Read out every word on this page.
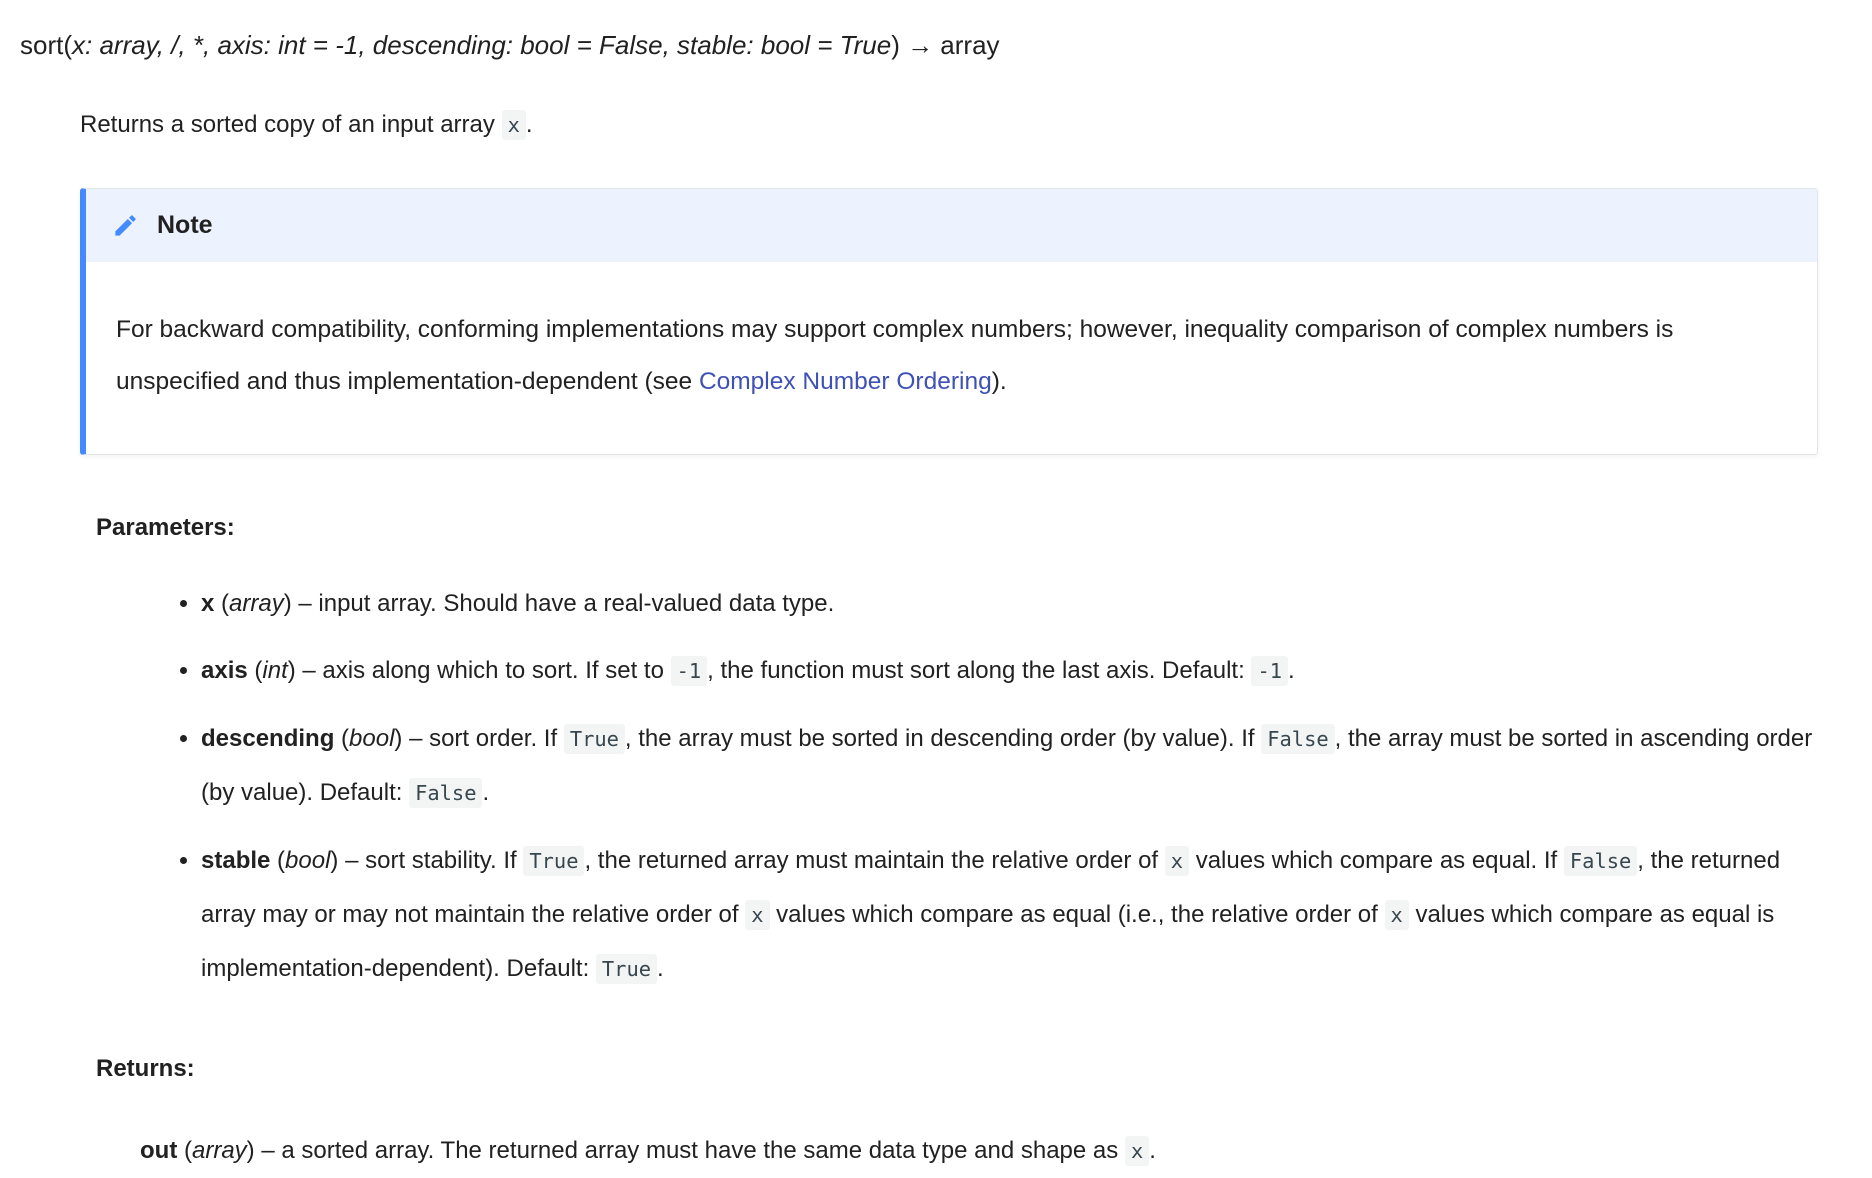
sort(x: array, /, *, axis: int = -1, descending: bool = False, stable: bool = True) → array

Returns a sorted copy of an input array x .

Note
For backward compatibility, conforming implementations may support complex numbers; however, inequality comparison of complex numbers is unspecified and thus implementation-dependent (see Complex Number Ordering).
Parameters:
• x (array) – input array. Should have a real-valued data type.
• axis (int) – axis along which to sort. If set to -1 , the function must sort along the last axis. Default: -1 .
• descending (bool) – sort order. If True , the array must be sorted in descending order (by value). If False , the array must be sorted in ascending order (by value). Default: False .
• stable (bool) – sort stability. If True , the returned array must maintain the relative order of x values which compare as equal. If False , the returned array may or may not maintain the relative order of x values which compare as equal (i.e., the relative order of x values which compare as equal is implementation-dependent). Default: True .
Returns:

out (array) – a sorted array. The returned array must have the same data type and shape as x .
